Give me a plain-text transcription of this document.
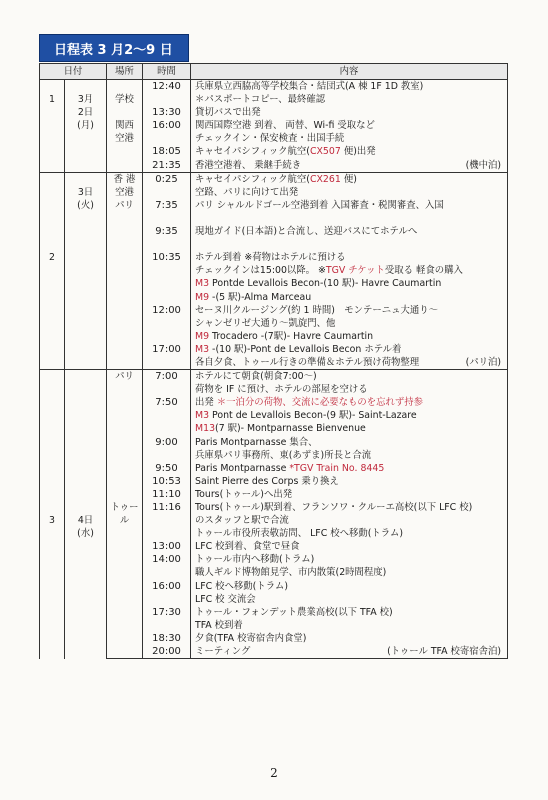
日程表 3 月2～9 日
日付		場所	時間	内容

1	3月
2日
(月)		12:40	兵庫県立西脇高等学校集合・結団式(A 棟 1F 1D 教室)

		学校		＊パスポートコピー、最終確認

			13:30	貸切バスで出発

		関西	16:00	関西国際空港 到着、 両替、Wi-fi 受取など

		空港		チェックイン・保安検査・出国手続

			18:05	キャセイパシフィック航空(CX507 便)出発

			21:35	香港空港着、 乗継手続き (機中泊)

2	3日
(火)	香 港	0:25	キャセイパシフィック航空(CX261 便)

		空港		空路、パリに向けて出発

		パリ	7:35	パリ シャルルドゴール空港到着 入国審査・税関審査、入国

			9:35	現地ガイド(日本語)と合流し、送迎バスにてホテルへ

			10:35	ホテル到着 ※荷物はホテルに預ける

				チェックインは15:00以降。 ※TGV チケット受取る 軽食の購入

				M3 Pontde Levallois Becon-(10 駅)- Havre Caumartin

				M9 -(5 駅)-Alma Marceau

			12:00	セーヌ川クルージング(約 1 時間)　モンテーニュ大通り～

				シャンゼリゼ大通り～凱旋門、他

				M9 Trocadero -(7駅)- Havre Caumartin

			17:00	M3 -(10 駅)-Pont de Levallois Becon ホテル着

				各自夕食、トゥール行きの準備＆ホテル預け荷物整理 (パリ泊)

3	4日
(水)	パリ	7:00	ホテルにて朝食(朝食7:00～)

				荷物を IF に預け、ホテルの部屋を空ける

			7:50	出発 ＊一泊分の荷物、交流に必要なものを忘れず持参

				M3 Pont de Levallois Becon-(9 駅)- Saint-Lazare

				M13(7 駅)- Montparnasse Bienvenue

			9:00	Paris Montparnasse 集合、

				兵庫県パリ事務所、東(あずま)所長と合流

			9:50	Paris Montparnasse *TGV Train No. 8445

			10:53	Saint Pierre des Corps 乗り換え

			11:10	Tours(トゥール)へ出発

		トゥー	11:16	Tours(トゥール)駅到着、フランソワ・クルーエ高校(以下 LFC 校)

		ル		のスタッフと駅で合流

				トゥール市役所表敬訪問、 LFC 校へ移動(トラム)

			13:00	LFC 校到着、食堂で昼食

			14:00	トゥール市内へ移動(トラム)

				職人ギルド博物館見学、市内散策(2時間程度)

			16:00	LFC 校へ移動(トラム)

				LFC 校 交流会

			17:30	トゥール・フォンデット農業高校(以下 TFA 校)

				TFA 校到着

			18:30	夕食(TFA 校寄宿舎内食堂)

			20:00	ミーティング (トゥール TFA 校寄宿舎泊)
2
